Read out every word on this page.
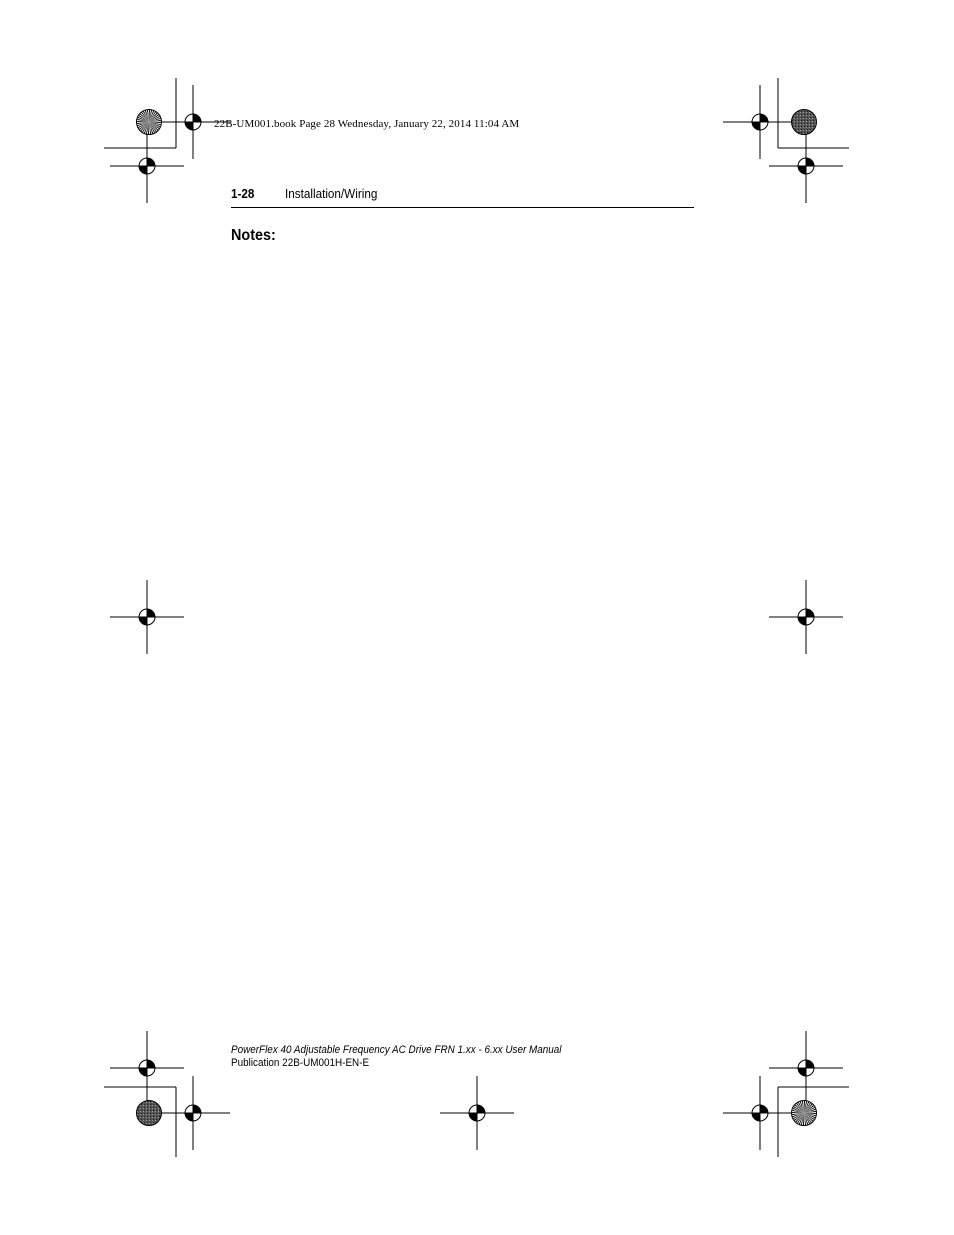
22B-UM001.book Page 28 Wednesday, January 22, 2014 11:04 AM
1-28 Installation/Wiring
Notes:
PowerFlex 40 Adjustable Frequency AC Drive FRN 1.xx - 6.xx User Manual
Publication 22B-UM001H-EN-E
